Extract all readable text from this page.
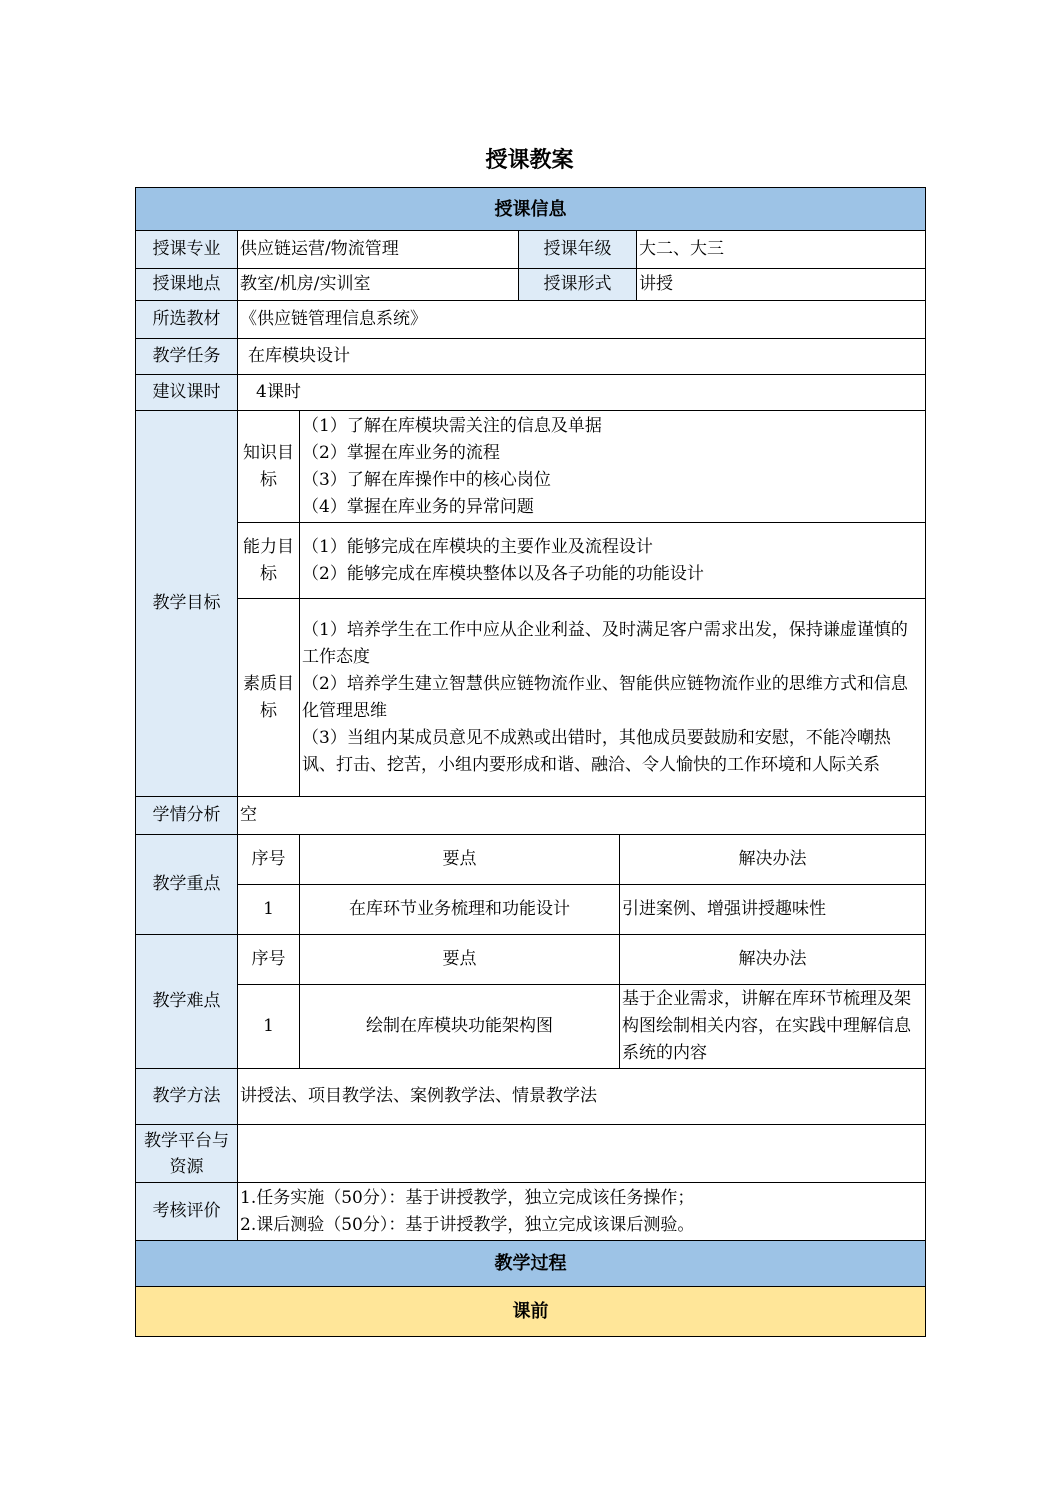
授课教案
授课信息					
授课专业	供应链运营/物流管理		授课年级		大二、大三
授课地点	教室/机房/实训室		授课形式		讲授
所选教材	《供应链管理信息系统》				
教学任务	在库模块设计				
建议课时	4课时				
教学目标	知识目标	（1）了解在库模块需关注的信息及单据
（2）掌握在库业务的流程
（3）了解在库操作中的核心岗位
（4）掌握在库业务的异常问题			

	能力目标	（1）能够完成在库模块的主要作业及流程设计
（2）能够完成在库模块整体以及各子功能的功能设计			

	素质目标	（1）培养学生在工作中应从企业利益、及时满足客户需求出发，保持谦虚谨慎的工作态度
（2）培养学生建立智慧供应链物流作业、智能供应链物流作业的思维方式和信息化管理思维
（3）当组内某成员意见不成熟或出错时，其他成员要鼓励和安慰，不能冷嘲热讽、打击、挖苦，小组内要形成和谐、融洽、令人愉快的工作环境和人际关系			

学情分析	空				
教学重点	序号	要点		解决办法	
	1	在库环节业务梳理和功能设计		引进案例、增强讲授趣味性	
教学难点	序号	要点		解决办法	
	1	绘制在库模块功能架构图		基于企业需求，讲解在库环节梳理及架构图绘制相关内容，在实践中理解信息系统的内容	
教学方法	讲授法、项目教学法、案例教学法、情景教学法				
教学平台与资源					
考核评价	1.任务实施（50分）：基于讲授教学，独立完成该任务操作；
2.课后测验（50分）：基于讲授教学，独立完成该课后测验。				

教学过程					
课前					
